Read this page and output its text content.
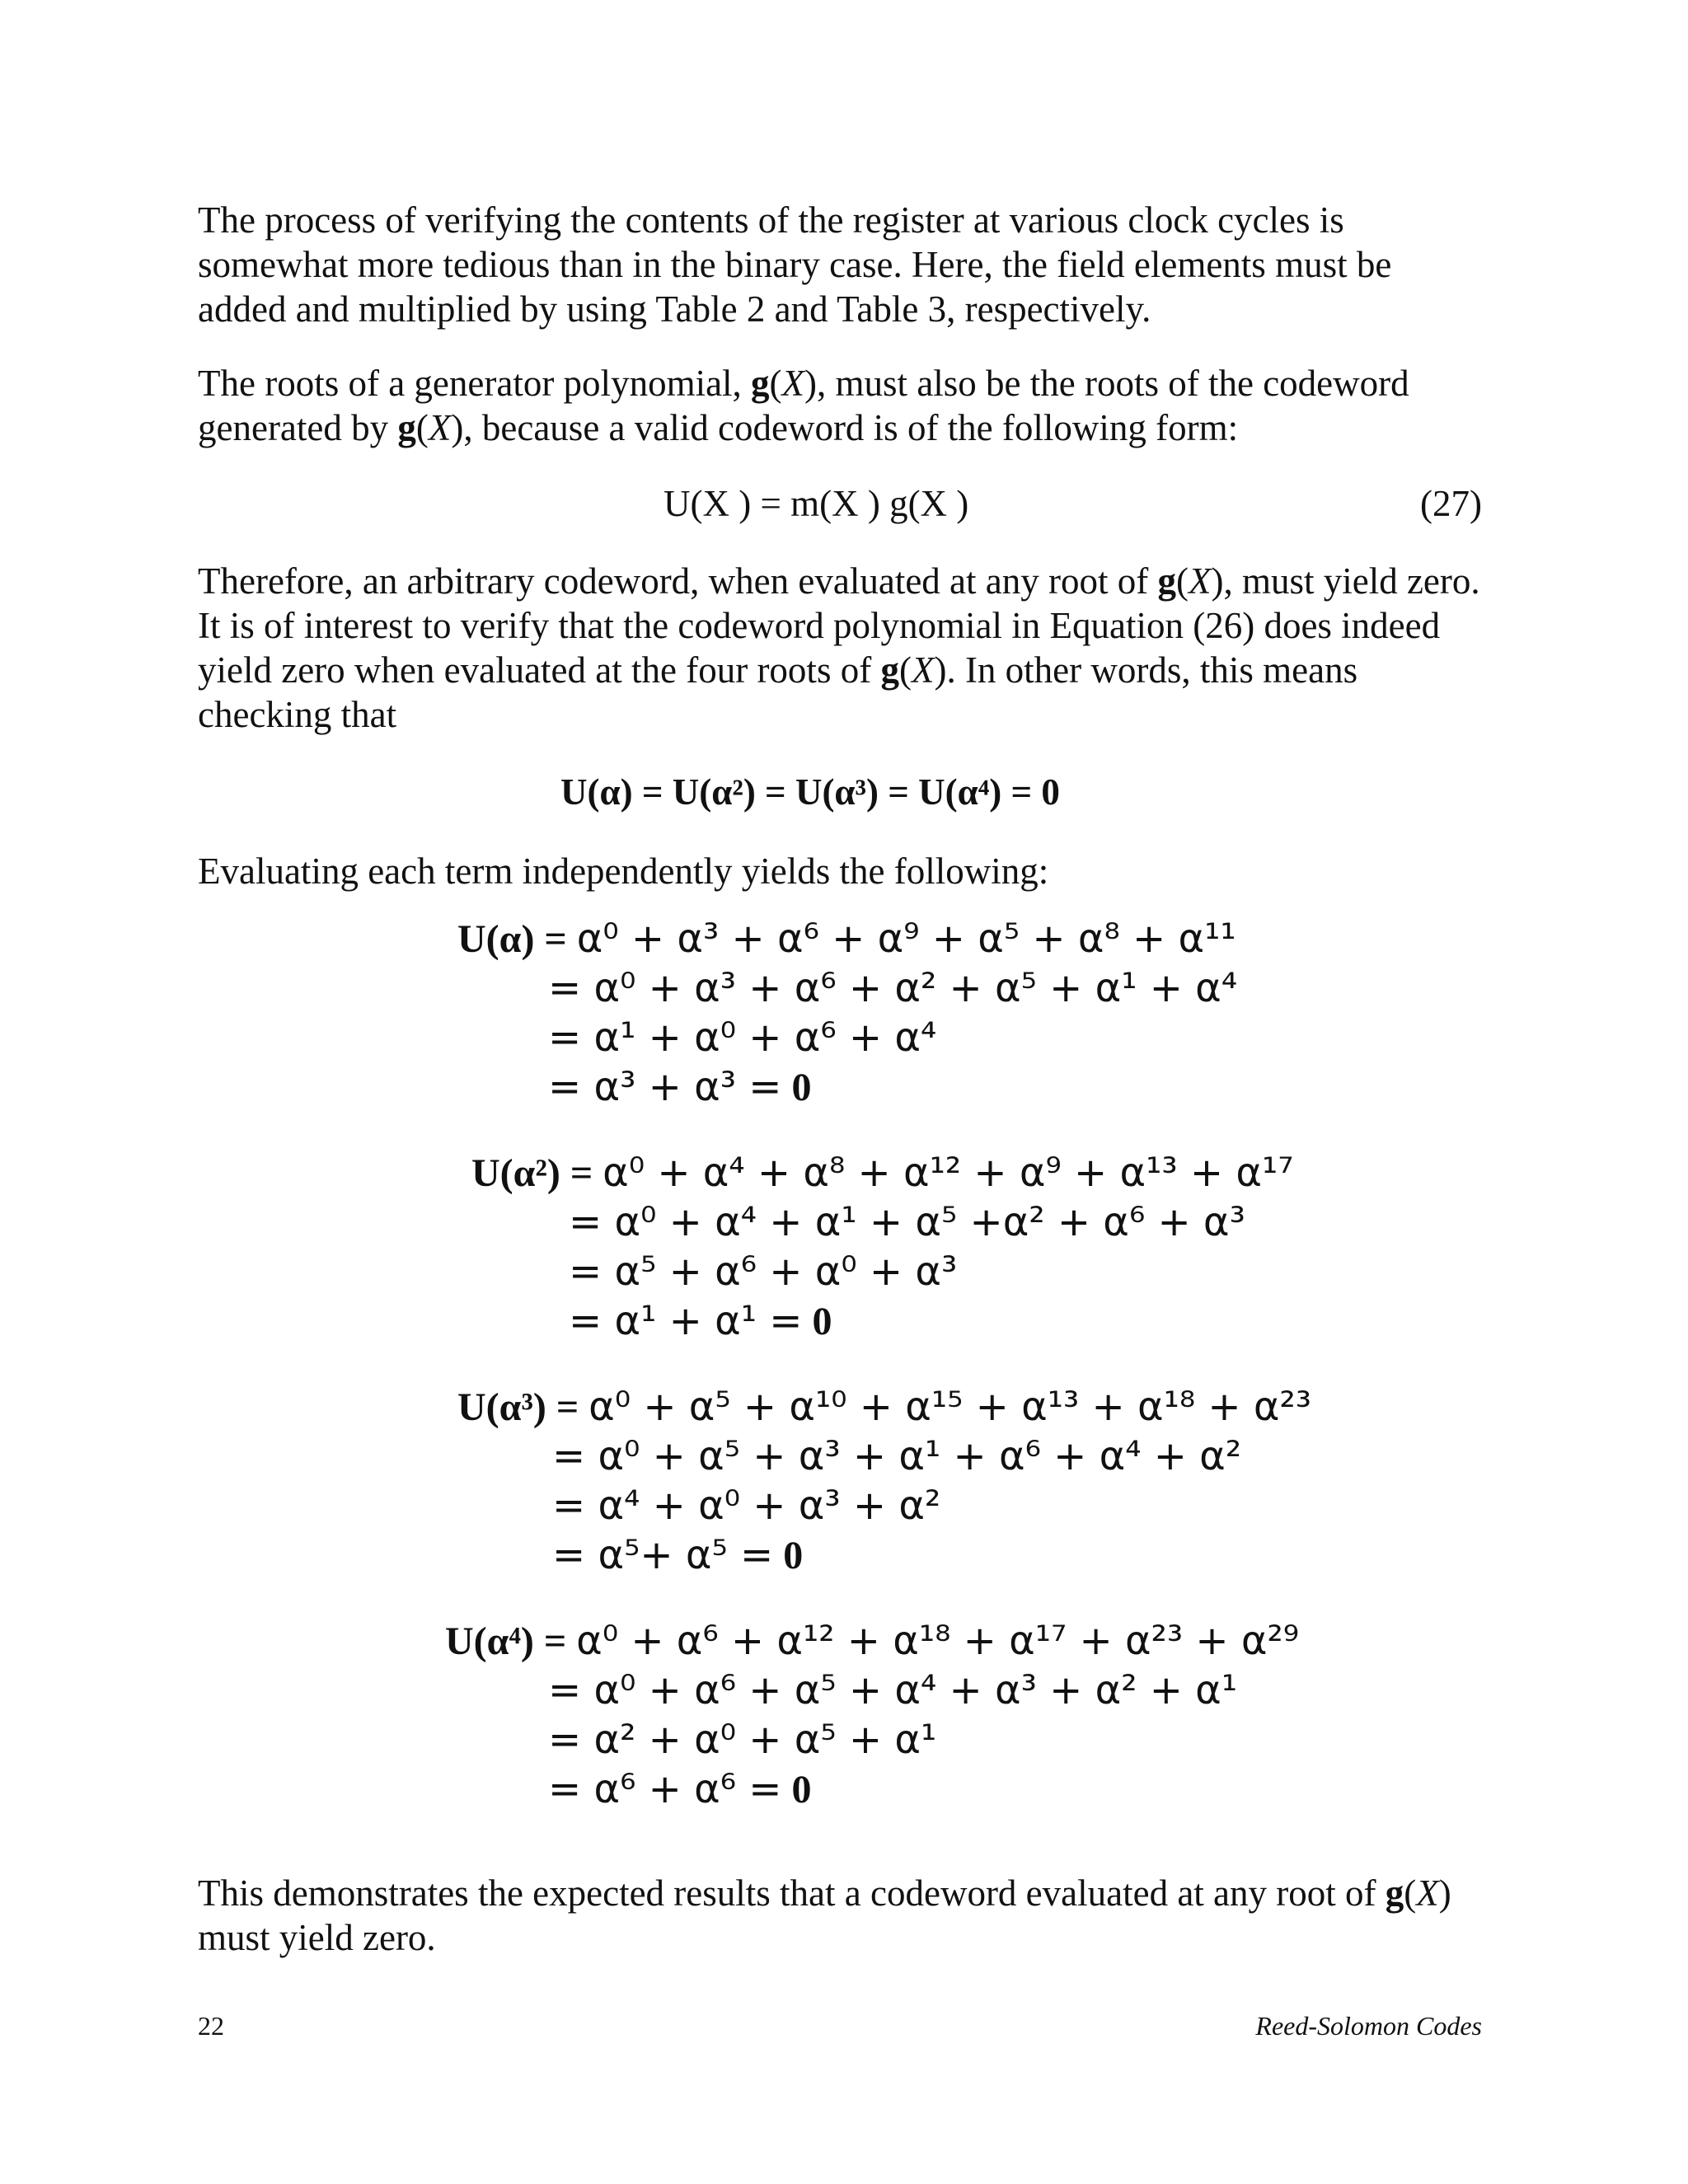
The process of verifying the contents of the register at various clock cycles is somewhat more tedious than in the binary case. Here, the field elements must be added and multiplied by using Table 2 and Table 3, respectively.

The roots of a generator polynomial, g(X), must also be the roots of the codeword generated by g(X), because a valid codeword is of the following form:

U(X ) = m(X ) g(X )	(27)

Therefore, an arbitrary codeword, when evaluated at any root of g(X), must yield zero. It is of interest to verify that the codeword polynomial in Equation (26) does indeed yield zero when evaluated at the four roots of g(X). In other words, this means checking that

U(α) = U(α²) = U(α³) = U(α⁴) = 0

Evaluating each term independently yields the following:

U(α) = α⁰ + α³ + α⁶ + α⁹ + α⁵ + α⁸ + α¹¹
= α⁰ + α³ + α⁶ + α² + α⁵ + α¹ + α⁴
= α¹ + α⁰ + α⁶ + α⁴
= α³ + α³ = 0
U(α²) = α⁰ + α⁴ + α⁸ + α¹² + α⁹ + α¹³ + α¹⁷
= α⁰ + α⁴ + α¹ + α⁵ +α² + α⁶ + α³
= α⁵ + α⁶ + α⁰ + α³
= α¹ + α¹ = 0
U(α³) = α⁰ + α⁵ + α¹⁰ + α¹⁵ + α¹³ + α¹⁸ + α²³
= α⁰ + α⁵ + α³ + α¹ + α⁶ + α⁴ + α²
= α⁴ + α⁰ + α³ + α²
= α⁵+ α⁵ = 0
U(α⁴) = α⁰ + α⁶ + α¹² + α¹⁸ + α¹⁷ + α²³ + α²⁹
= α⁰ + α⁶ + α⁵ + α⁴ + α³ + α² + α¹
= α² + α⁰ + α⁵ + α¹
= α⁶ + α⁶ = 0

This demonstrates the expected results that a codeword evaluated at any root of g(X) must yield zero.

22	Reed-Solomon Codes
